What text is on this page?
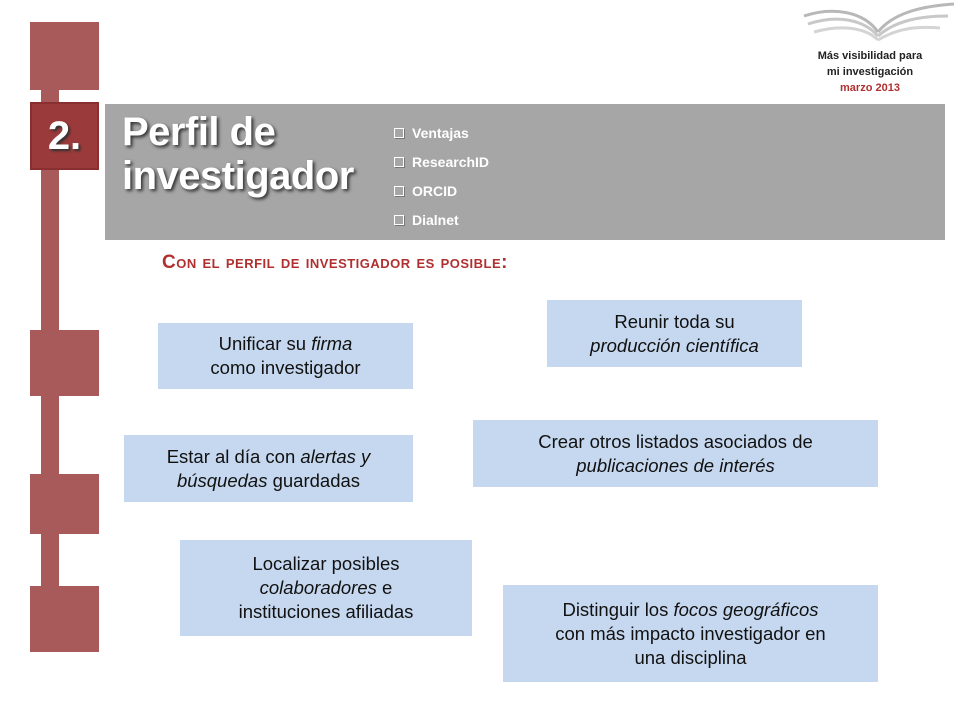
2.	Perfil de
investigador
Ventajas
ResearchID
ORCID
Dialnet
Más visibilidad para
mi investigación
marzo 2013
Con el perfil de investigador es posible:
Unificar su firma
como investigador
Reunir toda su
producción científica
Estar al día con alertas y
búsquedas guardadas
Crear otros listados asociados de
publicaciones de interés
Localizar posibles
colaboradores e
instituciones afiliadas	Distinguir los focos geográficos
con más impacto investigador en
una disciplina
